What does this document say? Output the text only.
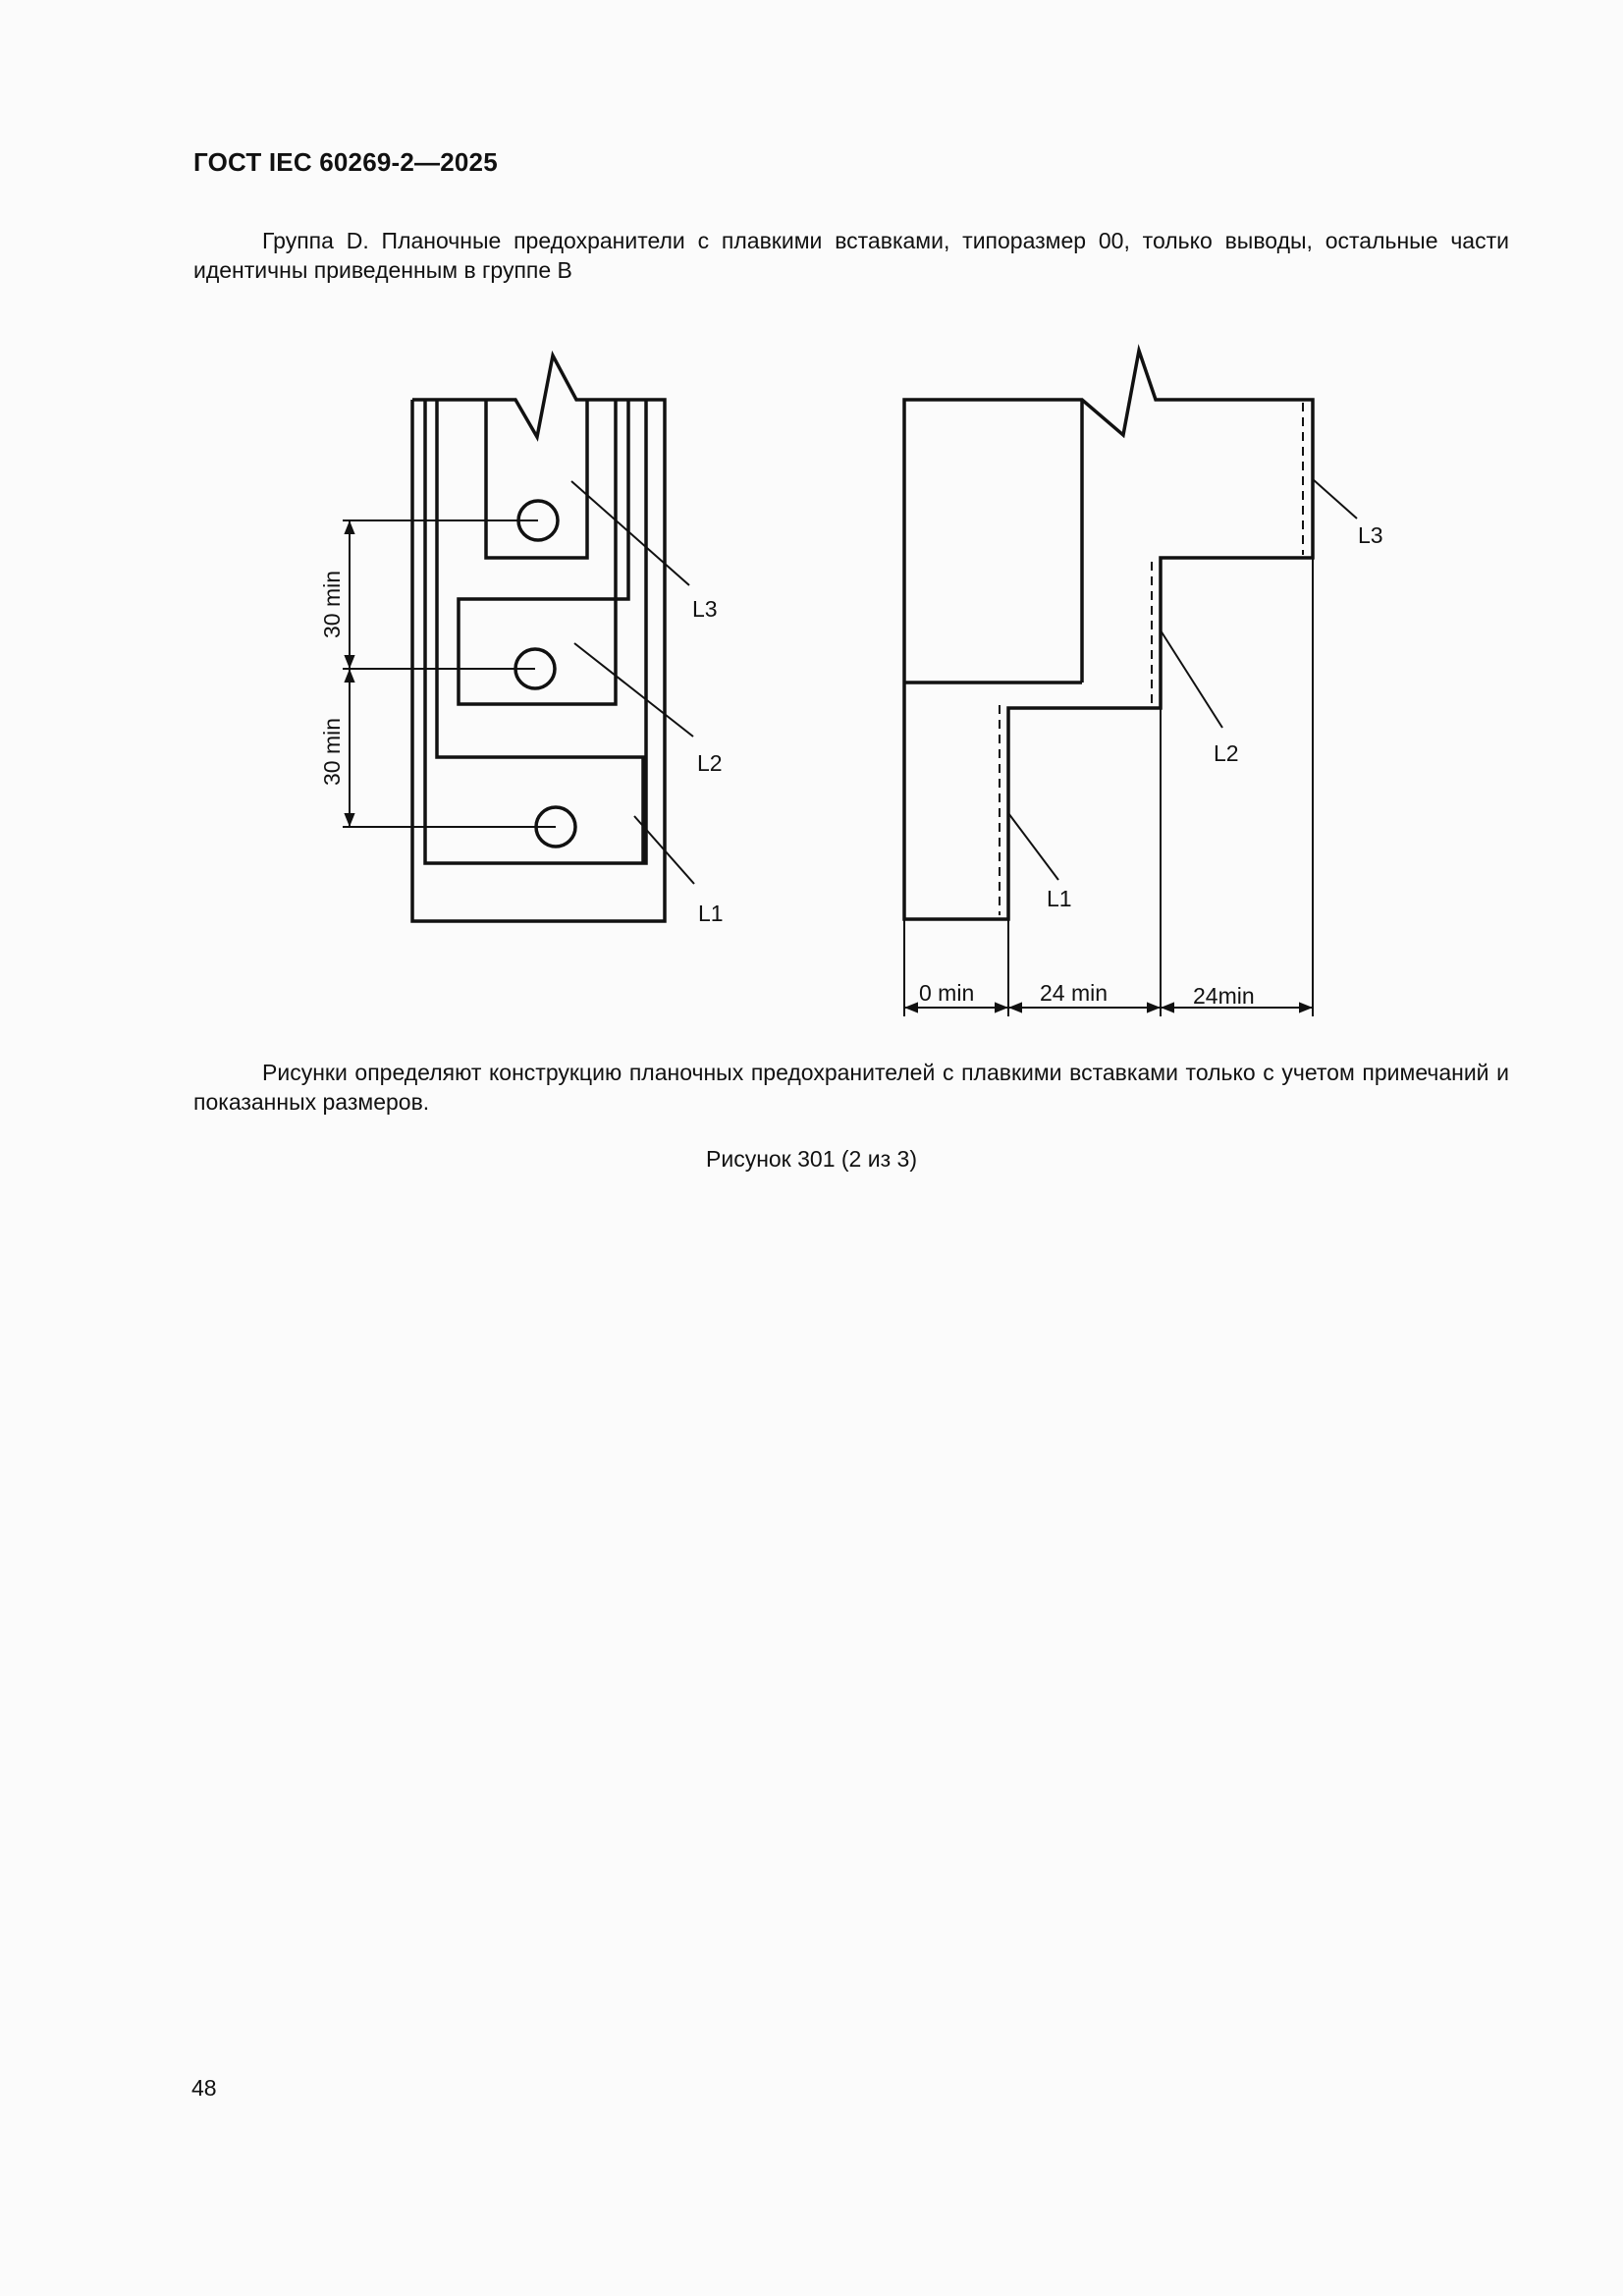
ГОСТ IEC 60269-2—2025

Группа D. Планочные предохранители с плавкими вставками, типоразмер 00, только выводы, остальные части идентичны приведенным в группе В

30 min
30 min
L3
L2
L1
L3
L2
L1
0 min	24 min	24min

Рисунки определяют конструкцию планочных предохранителей с плавкими вставками только с учетом примечаний и показанных размеров.

Рисунок 301 (2 из 3)
48
